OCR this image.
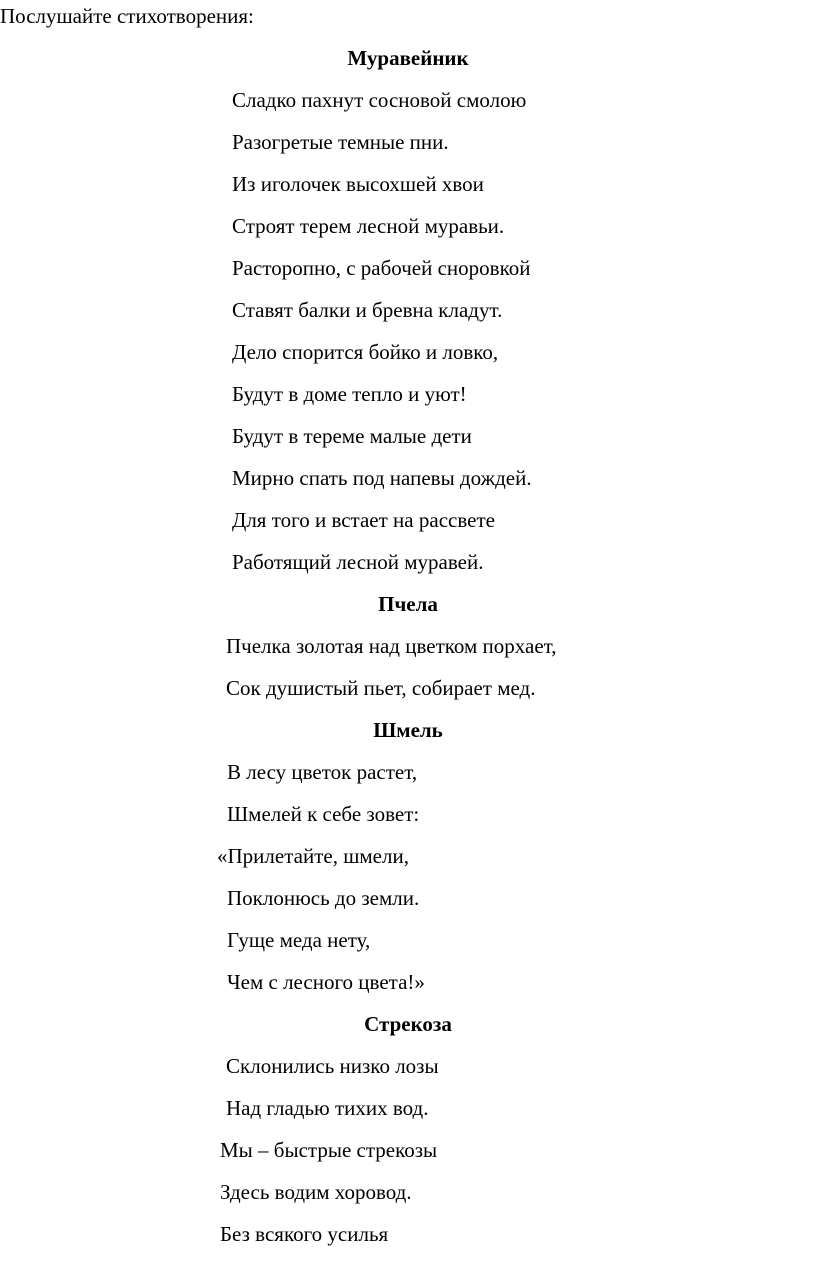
Послушайте стихотворения:
Муравейник
Сладко пахнут сосновой смолою
Разогретые темные пни.
Из иголочек высохшей хвои
Строят терем лесной муравьи.
Расторопно, с рабочей сноровкой
Ставят балки и бревна кладут.
Дело спорится бойко и ловко,
Будут в доме тепло и уют!
Будут в тереме малые дети
Мирно спать под напевы дождей.
Для того и встает на рассвете
Работящий лесной муравей.
Пчела
Пчелка золотая над цветком порхает,
Сок душистый пьет, собирает мед.
Шмель
В лесу цветок растет,
Шмелей к себе зовет:
«Прилетайте, шмели,
Поклонюсь до земли.
Гуще меда нету,
Чем с лесного цвета!»
Стрекоза
Склонились низко лозы
Над гладью тихих вод.
Мы – быстрые стрекозы
Здесь водим хоровод.
Без всякого усилья
